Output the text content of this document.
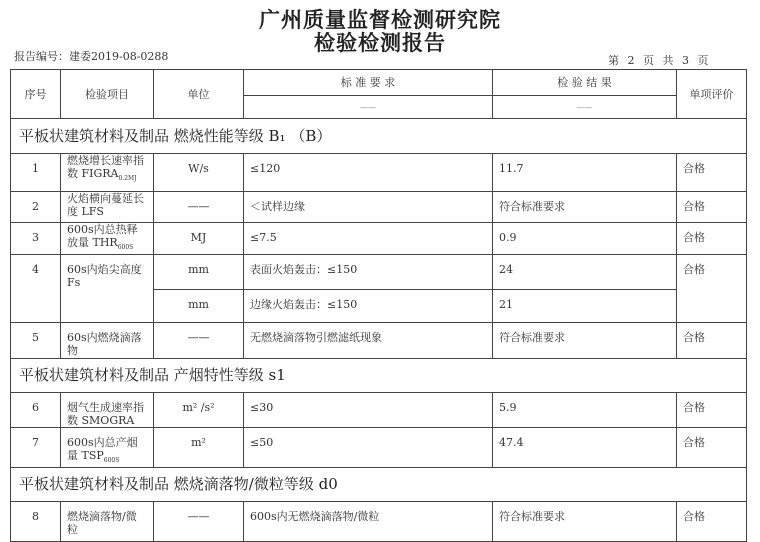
广州质量监督检测研究院
检验检测报告
报告编号：建委2019-08-0288	第 2 页 共 3 页
序号	检验项目	单位	标 准 要 求	检 验 结 果	单项评价
			——	——	
平板状建筑材料及制品 燃烧性能等级 B₁ （B）					
1	燃烧增长速率指数 $FIGRA_{0.2MJ}$	W/s	≤120	11.7	合格
2	火焰横向蔓延长度 LFS	——	＜试样边缘	符合标准要求	合格
3	600s内总热释放量 $THR_{600S}$	MJ	≤7.5	0.9	合格
4	60s内焰尖高度 Fs	mm	表面火焰轰击：≤150	24	合格
		mm	边缘火焰轰击：≤150	21	
5	60s内燃烧滴落物	——	无燃烧滴落物引燃滤纸现象	符合标准要求	合格
平板状建筑材料及制品 产烟特性等级 s1					
6	烟气生成速率指数 SMOGRA	m² /s²	≤30	5.9	合格
7	600s内总产烟量 $TSP_{600S}$	m²	≤50	47.4	合格
平板状建筑材料及制品 燃烧滴落物/微粒等级 d0					
8	燃烧滴落物/微粒	——	600s内无燃烧滴落物/微粒	符合标准要求	合格
